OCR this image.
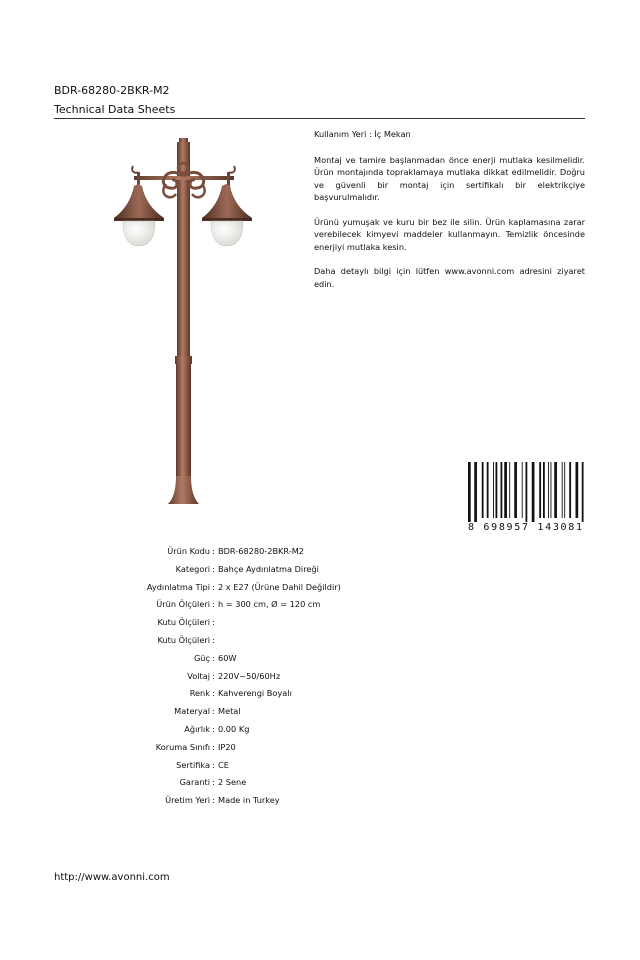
BDR-68280-2BKR-M2
Technical Data Sheets

Kullanım Yeri : İç Mekan

Montaj ve tamire başlanmadan önce enerji mutlaka kesilmelidir. Ürün montajında topraklamaya mutlaka dikkat edilmelidir. Doğru ve güvenli bir montaj için sertifikalı bir elektrikçiye başvurulmalıdır.

Ürünü yumuşak ve kuru bir bez ile silin. Ürün kaplamasına zarar verebilecek kimyevi maddeler kullanmayın. Temizlik öncesinde enerjiyi mutlaka kesin.

Daha detaylı bilgi için lütfen www.avonni.com adresini ziyaret edin.

8 698957 143081
Ürün Kodu : BDR-68280-2BKR-M2
Kategori : Bahçe Aydınlatma Direği
Aydınlatma Tipi : 2 x E27 (Ürüne Dahil Değildir)
Ürün Ölçüleri : h = 300 cm, Ø = 120 cm
Kutu Ölçüleri :
Kutu Ölçüleri :
Güç : 60W
Voltaj : 220V~50/60Hz
Renk : Kahverengi Boyalı
Materyal : Metal
Ağırlık : 0.00 Kg
Koruma Sınıfı : IP20
Sertifika : CE
Garanti : 2 Sene
Üretim Yeri : Made in Turkey
http://www.avonni.com
